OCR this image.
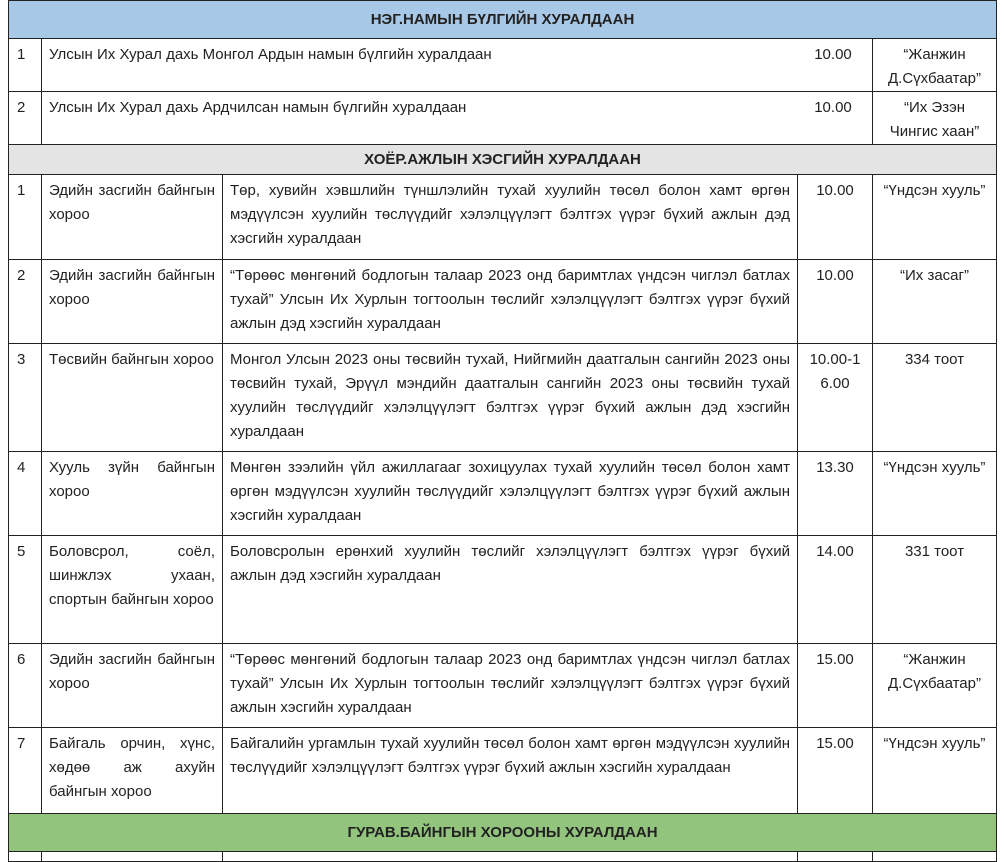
НЭГ.НАМЫН БҮЛГИЙН ХУРАЛДААН				
1	Улсын Их Хурал дахь Монгол Ардын намын бүлгийн хуралдаан			10.00 “Жанжин Д.Сүхбаатар”
2	Улсын Их Хурал дахь Ардчилсан намын бүлгийн хуралдаан			10.00 “Их Эзэн Чингис хаан”
ХОЁР.АЖЛЫН ХЭСГИЙН ХУРАЛДААН				
1	Эдийн засгийн байнгын хороо	Төр, хувийн хэвшлийн түншлэлийн тухай хуулийн төсөл болон хамт өргөн мэдүүлсэн хуулийн төслүүдийг хэлэлцүүлэгт бэлтгэх үүрэг бүхий ажлын дэд хэсгийн хуралдаан	10.00	“Үндсэн хууль”
2	Эдийн засгийн байнгын хороо	“Төрөөс мөнгөний бодлогын талаар 2023 онд баримтлах үндсэн чиглэл батлах тухай” Улсын Их Хурлын тогтоолын төслийг хэлэлцүүлэгт бэлтгэх үүрэг бүхий ажлын дэд хэсгийн хуралдаан	10.00	“Их засаг”
3	Төсвийн байнгын хороо	Монгол Улсын 2023 оны төсвийн тухай, Нийгмийн даатгалын сангийн 2023 оны төсвийн тухай, Эрүүл мэндийн даатгалын сангийн 2023 оны төсвийн тухай хуулийн төслүүдийг хэлэлцүүлэгт бэлтгэх үүрэг бүхий ажлын дэд хэсгийн хуралдаан	10.00-16.00	334 тоот
4	Хууль зүйн байнгын хороо	Мөнгөн зээлийн үйл ажиллагааг зохицуулах тухай хуулийн төсөл болон хамт өргөн мэдүүлсэн хуулийн төслүүдийг хэлэлцүүлэгт бэлтгэх үүрэг бүхий ажлын хэсгийн хуралдаан	13.30	“Үндсэн хууль”
5	Боловсрол, соёл, шинжлэх ухаан, спортын байнгын хороо	Боловсролын ерөнхий хуулийн төслийг хэлэлцүүлэгт бэлтгэх үүрэг бүхий ажлын дэд хэсгийн хуралдаан	14.00	331 тоот
6	Эдийн засгийн байнгын хороо	“Төрөөс мөнгөний бодлогын талаар 2023 онд баримтлах үндсэн чиглэл батлах тухай” Улсын Их Хурлын тогтоолын төслийг хэлэлцүүлэгт бэлтгэх үүрэг бүхий ажлын хэсгийн хуралдаан	15.00	“Жанжин Д.Сүхбаатар”
7	Байгаль орчин, хүнс, хөдөө аж ахуйн байнгын хороо	Байгалийн ургамлын тухай хуулийн төсөл болон хамт өргөн мэдүүлсэн хуулийн төслүүдийг хэлэлцүүлэгт бэлтгэх үүрэг бүхий ажлын хэсгийн хуралдаан	15.00	“Үндсэн хууль”
ГУРАВ.БАЙНГЫН ХОРООНЫ ХУРАЛДААН				
